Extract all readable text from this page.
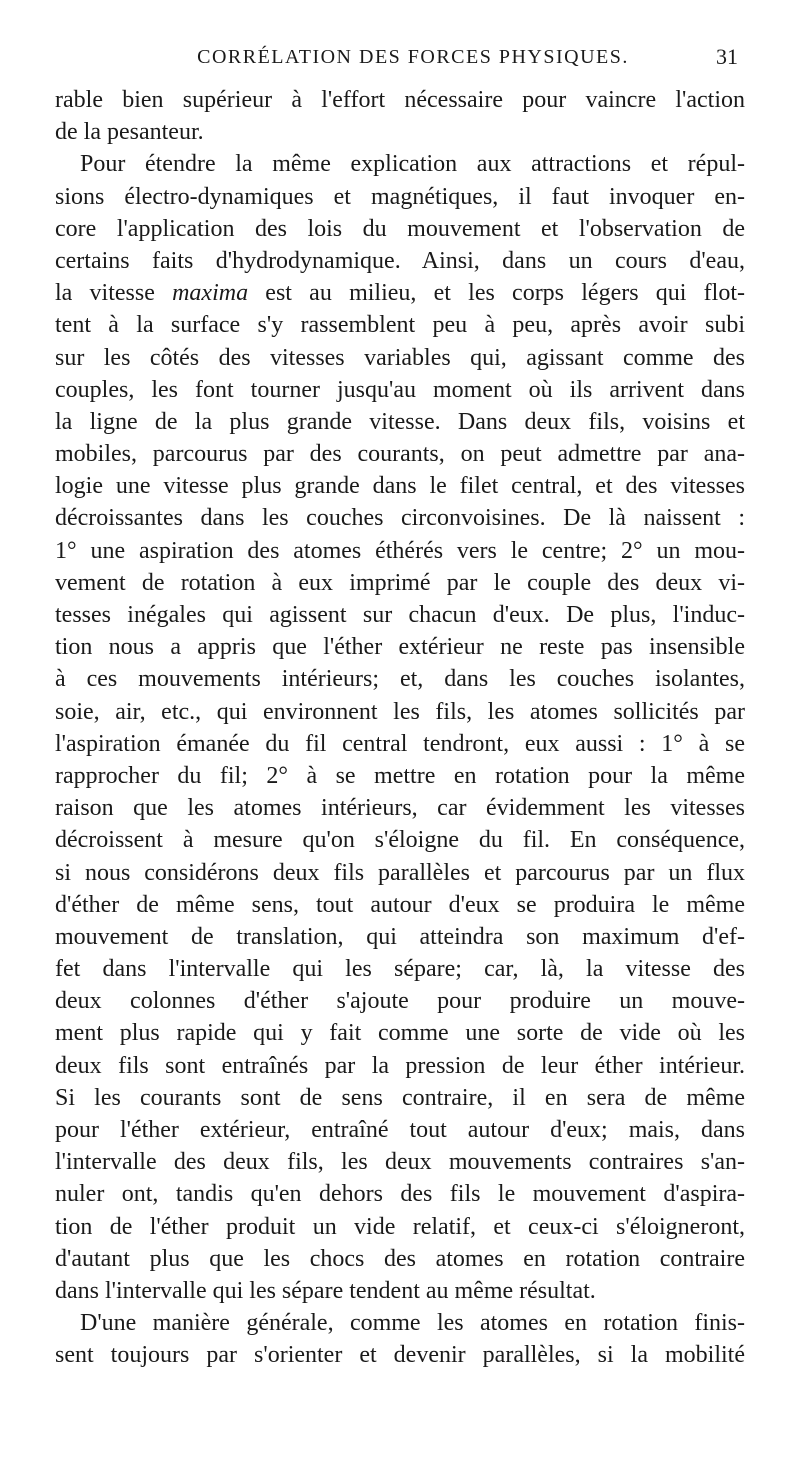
CORRÉLATION DES FORCES PHYSIQUES.	31
rable bien supérieur à l'effort nécessaire pour vaincre l'action
de la pesanteur.
Pour étendre la même explication aux attractions et répul-
sions électro-dynamiques et magnétiques, il faut invoquer en-
core l'application des lois du mouvement et l'observation de
certains faits d'hydrodynamique. Ainsi, dans un cours d'eau,
la vitesse maxima est au milieu, et les corps légers qui flot-
tent à la surface s'y rassemblent peu à peu, après avoir subi
sur les côtés des vitesses variables qui, agissant comme des
couples, les font tourner jusqu'au moment où ils arrivent dans
la ligne de la plus grande vitesse. Dans deux fils, voisins et
mobiles, parcourus par des courants, on peut admettre par ana-
logie une vitesse plus grande dans le filet central, et des vitesses
décroissantes dans les couches circonvoisines. De là naissent :
1° une aspiration des atomes éthérés vers le centre; 2° un mou-
vement de rotation à eux imprimé par le couple des deux vi-
tesses inégales qui agissent sur chacun d'eux. De plus, l'induc-
tion nous a appris que l'éther extérieur ne reste pas insensible
à ces mouvements intérieurs; et, dans les couches isolantes,
soie, air, etc., qui environnent les fils, les atomes sollicités par
l'aspiration émanée du fil central tendront, eux aussi : 1° à se
rapprocher du fil; 2° à se mettre en rotation pour la même
raison que les atomes intérieurs, car évidemment les vitesses
décroissent à mesure qu'on s'éloigne du fil. En conséquence,
si nous considérons deux fils parallèles et parcourus par un flux
d'éther de même sens, tout autour d'eux se produira le même
mouvement de translation, qui atteindra son maximum d'ef-
fet dans l'intervalle qui les sépare; car, là, la vitesse des
deux colonnes d'éther s'ajoute pour produire un mouve-
ment plus rapide qui y fait comme une sorte de vide où les
deux fils sont entraînés par la pression de leur éther intérieur.
Si les courants sont de sens contraire, il en sera de même
pour l'éther extérieur, entraîné tout autour d'eux; mais, dans
l'intervalle des deux fils, les deux mouvements contraires s'an-
nuler ont, tandis qu'en dehors des fils le mouvement d'aspira-
tion de l'éther produit un vide relatif, et ceux-ci s'éloigneront,
d'autant plus que les chocs des atomes en rotation contraire
dans l'intervalle qui les sépare tendent au même résultat.
D'une manière générale, comme les atomes en rotation finis-
sent toujours par s'orienter et devenir parallèles, si la mobilité
